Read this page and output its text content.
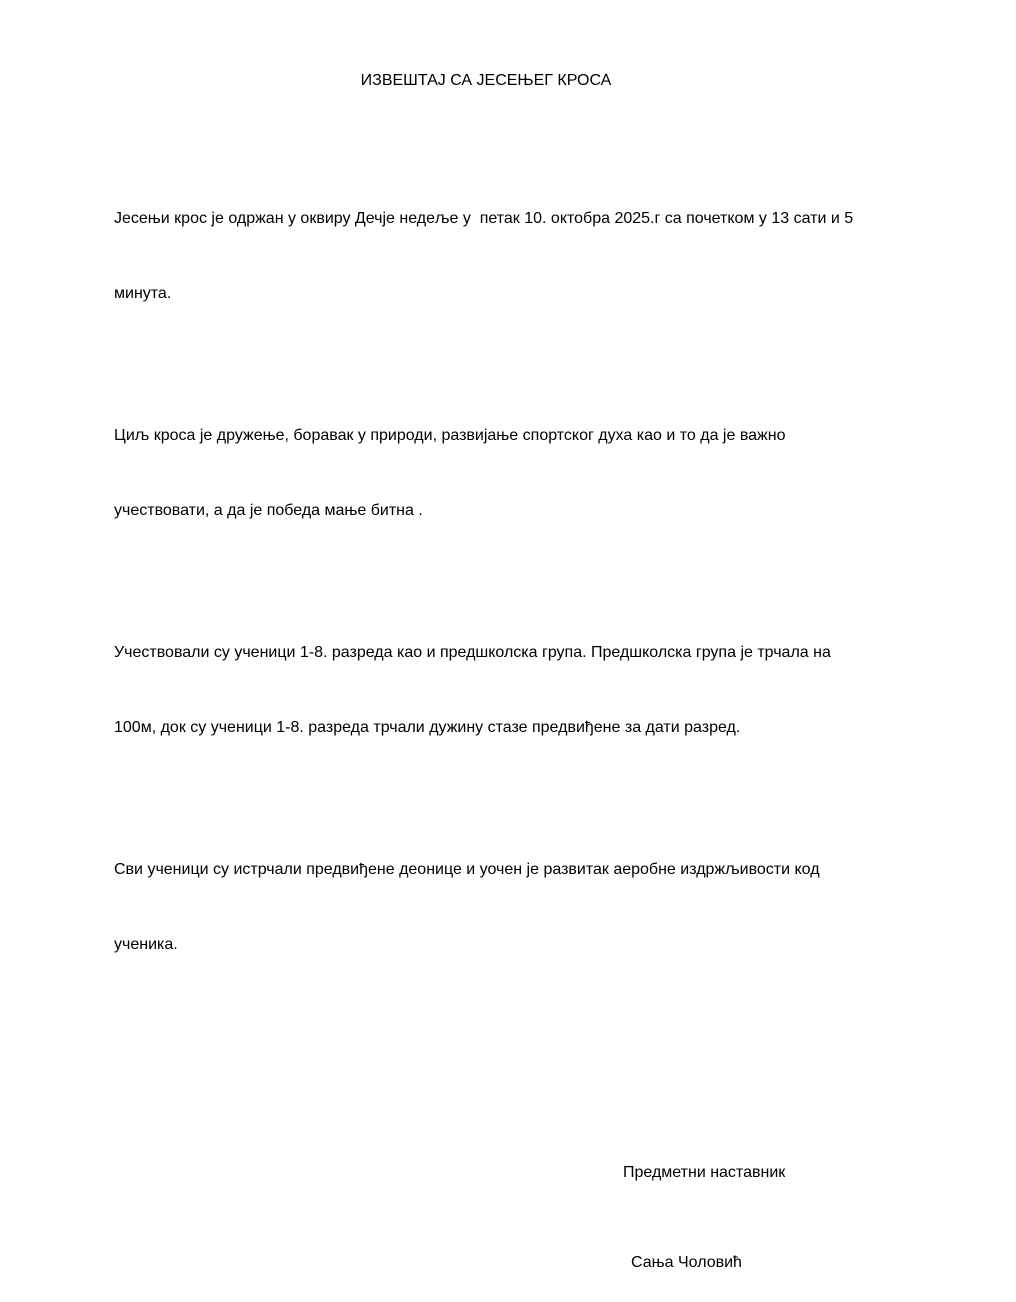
ИЗВЕШТАЈ СА ЈЕСЕЊЕГ КРОСА

Јесењи крос је одржан у оквиру Дечје недеље у  петак 10. октобра 2025.г са почетком у 13 сати и 5

минута.

Циљ кроса је дружење, боравак у природи, развијање спортског духа као и то да је важно

учествовати, а да је победа мање битна .

Учествовали су ученици 1-8. разреда као и предшколска група. Предшколска група је трчала на

100м, док су ученици 1-8. разреда трчали дужину стазе предвиђене за дати разред.

Сви ученици су истрчали предвиђене деонице и уочен је развитак аеробне издржљивости код

ученика.

Предметни наставник

Сања Чоловић
